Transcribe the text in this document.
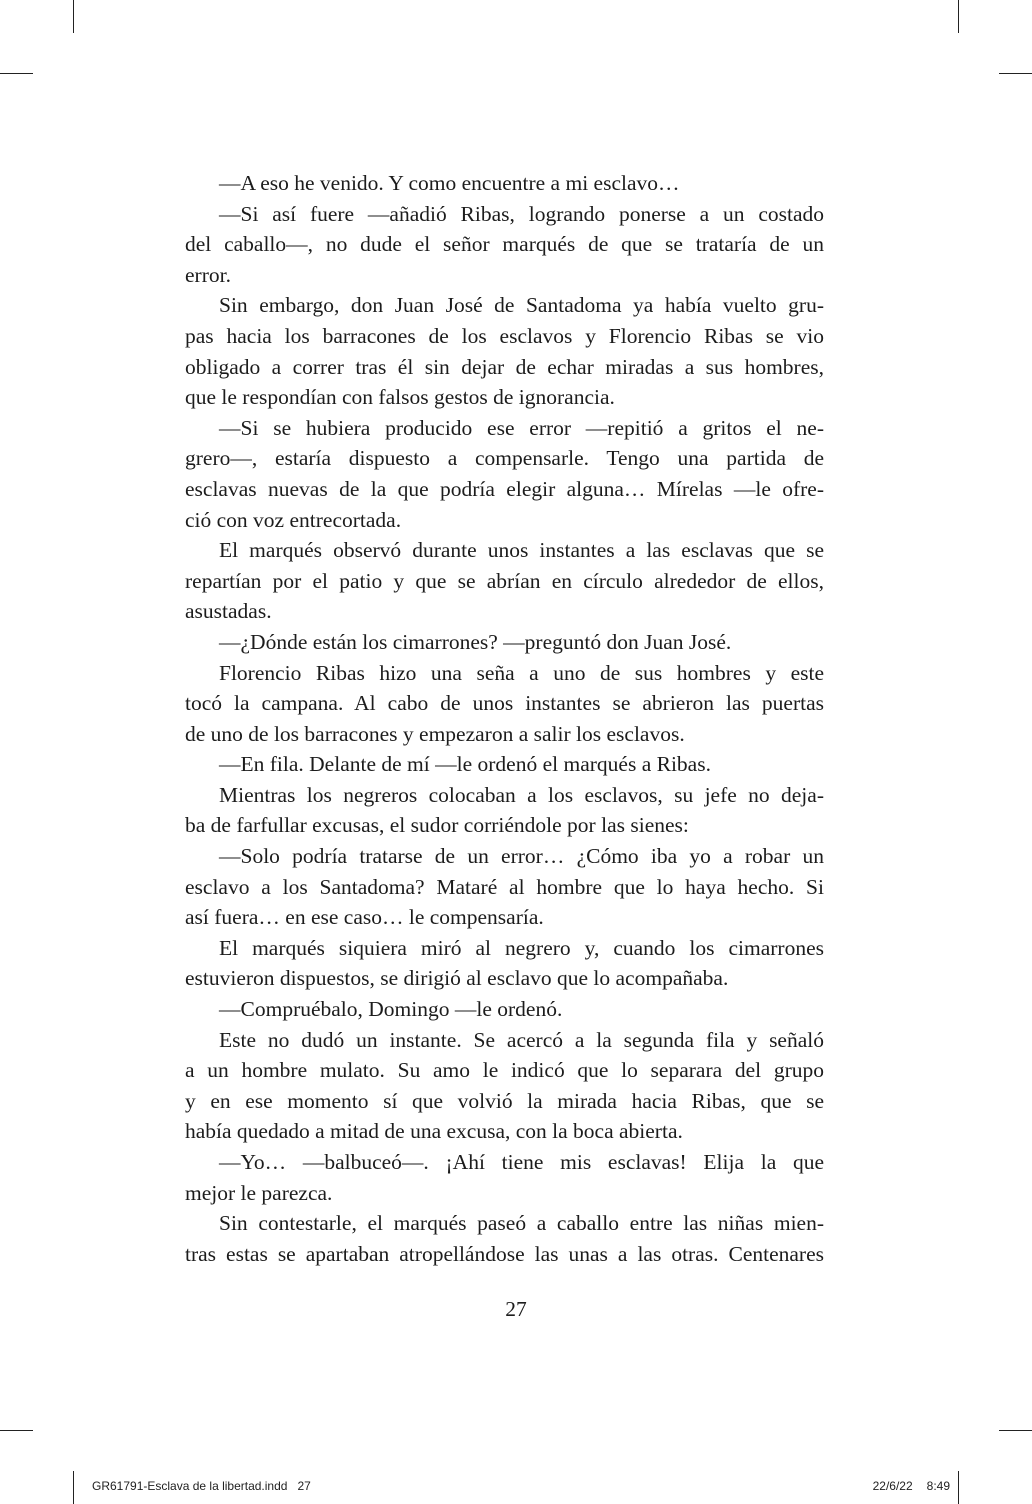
—A eso he venido. Y como encuentre a mi esclavo…
—Si así fuere —añadió Ribas, logrando ponerse a un costado
del caballo—, no dude el señor marqués de que se trataría de un
error.
Sin embargo, don Juan José de Santadoma ya había vuelto gru-
pas hacia los barracones de los esclavos y Florencio Ribas se vio
obligado a correr tras él sin dejar de echar miradas a sus hombres,
que le respondían con falsos gestos de ignorancia.
—Si se hubiera producido ese error —repitió a gritos el ne-
grero—, estaría dispuesto a compensarle. Tengo una partida de
esclavas nuevas de la que podría elegir alguna… Mírelas —le ofre-
ció con voz entrecortada.
El marqués observó durante unos instantes a las esclavas que se
repartían por el patio y que se abrían en círculo alrededor de ellos,
asustadas.
—¿Dónde están los cimarrones? —preguntó don Juan José.
Florencio Ribas hizo una seña a uno de sus hombres y este
tocó la campana. Al cabo de unos instantes se abrieron las puertas
de uno de los barracones y empezaron a salir los esclavos.
—En fila. Delante de mí —le ordenó el marqués a Ribas.
Mientras los negreros colocaban a los esclavos, su jefe no deja-
ba de farfullar excusas, el sudor corriéndole por las sienes:
—Solo podría tratarse de un error… ¿Cómo iba yo a robar un
esclavo a los Santadoma? Mataré al hombre que lo haya hecho. Si
así fuera… en ese caso… le compensaría.
El marqués siquiera miró al negrero y, cuando los cimarrones
estuvieron dispuestos, se dirigió al esclavo que lo acompañaba.
—Compruébalo, Domingo —le ordenó.
Este no dudó un instante. Se acercó a la segunda fila y señaló
a un hombre mulato. Su amo le indicó que lo separara del grupo
y en ese momento sí que volvió la mirada hacia Ribas, que se
había quedado a mitad de una excusa, con la boca abierta.
—Yo… —balbuceó—. ¡Ahí tiene mis esclavas! Elija la que
mejor le parezca.
Sin contestarle, el marqués paseó a caballo entre las niñas mien-
tras estas se apartaban atropellándose las unas a las otras. Centenares
27
GR61791-Esclava de la libertad.indd   27	22/6/22 8:49
